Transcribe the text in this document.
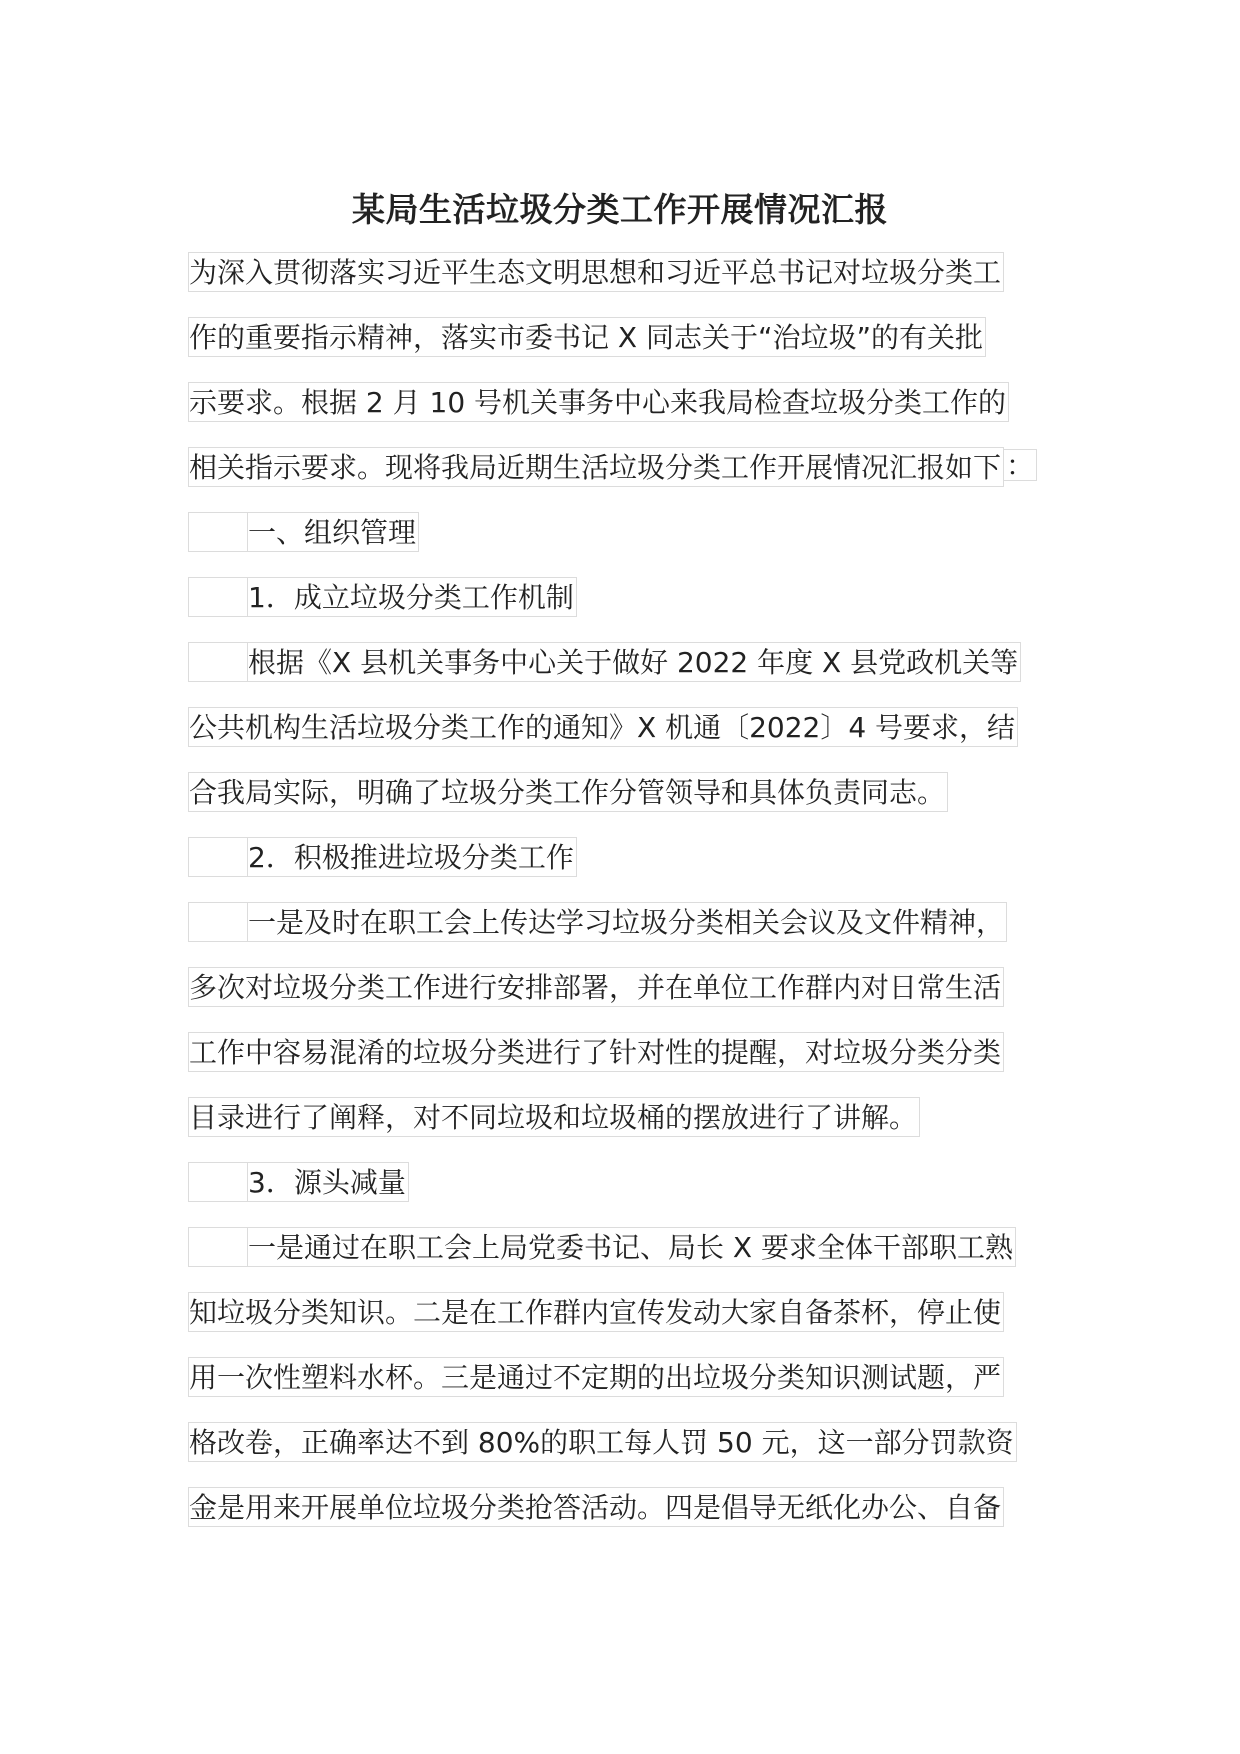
某局生活垃圾分类工作开展情况汇报
为深入贯彻落实习近平生态文明思想和习近平总书记对垃圾分类工
作的重要指示精神，落实市委书记 X 同志关于“治垃圾”的有关批
示要求。根据 2 月 10 号机关事务中心来我局检查垃圾分类工作的
相关指示要求。现将我局近期生活垃圾分类工作开展情况汇报如下 ：
一、组织管理
1．成立垃圾分类工作机制
根据《X 县机关事务中心关于做好 2022 年度 X 县党政机关等
公共机构生活垃圾分类工作的通知》X 机通〔2022〕4 号要求，结
合我局实际，明确了垃圾分类工作分管领导和具体负责同志。
2．积极推进垃圾分类工作
一是及时在职工会上传达学习垃圾分类相关会议及文件精神，
多次对垃圾分类工作进行安排部署，并在单位工作群内对日常生活
工作中容易混淆的垃圾分类进行了针对性的提醒，对垃圾分类分类
目录进行了阐释，对不同垃圾和垃圾桶的摆放进行了讲解。
3．源头减量
一是通过在职工会上局党委书记、局长 X 要求全体干部职工熟
知垃圾分类知识。二是在工作群内宣传发动大家自备茶杯，停止使
用一次性塑料水杯。三是通过不定期的出垃圾分类知识测试题，严
格改卷，正确率达不到 80%的职工每人罚 50 元，这一部分罚款资
金是用来开展单位垃圾分类抢答活动。四是倡导无纸化办公、自备
